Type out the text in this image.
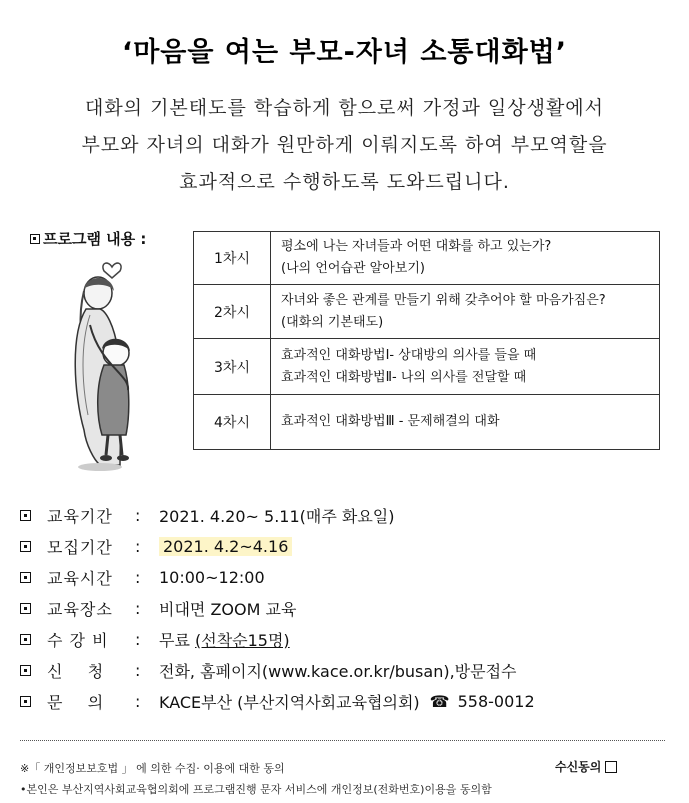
‘마음을 여는 부모-자녀 소통대화법’
대화의 기본태도를 학습하게 함으로써 가정과 일상생활에서
부모와 자녀의 대화가 원만하게 이뤄지도록 하여 부모역할을
효과적으로 수행하도록 도와드립니다.
프로그램 내용 :
1차시	평소에 나는 자녀들과 어떤 대화를 하고 있는가?
(나의 언어습관 알아보기)

2차시	자녀와 좋은 관계를 만들기 위해 갖추어야 할 마음가짐은?
(대화의 기본태도)

3차시	효과적인 대화방법Ⅰ- 상대방의 의사를 들을 때
효과적인 대화방법Ⅱ- 나의 의사를 전달할 때

4차시	효과적인 대화방법Ⅲ - 문제해결의 대화
교육기간	:	2021. 4.20~ 5.11(매주 화요일)
모집기간	:	2021. 4.2~4.16
교육시간	:	10:00~12:00
교육장소	:	비대면 ZOOM 교육
수 강 비	:	무료 (선착순15명)
신    청	:	전화, 홈페이지(www.kace.or.kr/busan),방문접수
문    의	:	KACE부산 (부산지역사회교육협의회) ☎ 558-0012
※「 개인정보보호법 」 에 의한 수집· 이용에 대한 동의	수신동의
•본인은 부산지역사회교육협의회에 프로그램진행 문자 서비스에 개인정보(전화번호)이용을 동의함
